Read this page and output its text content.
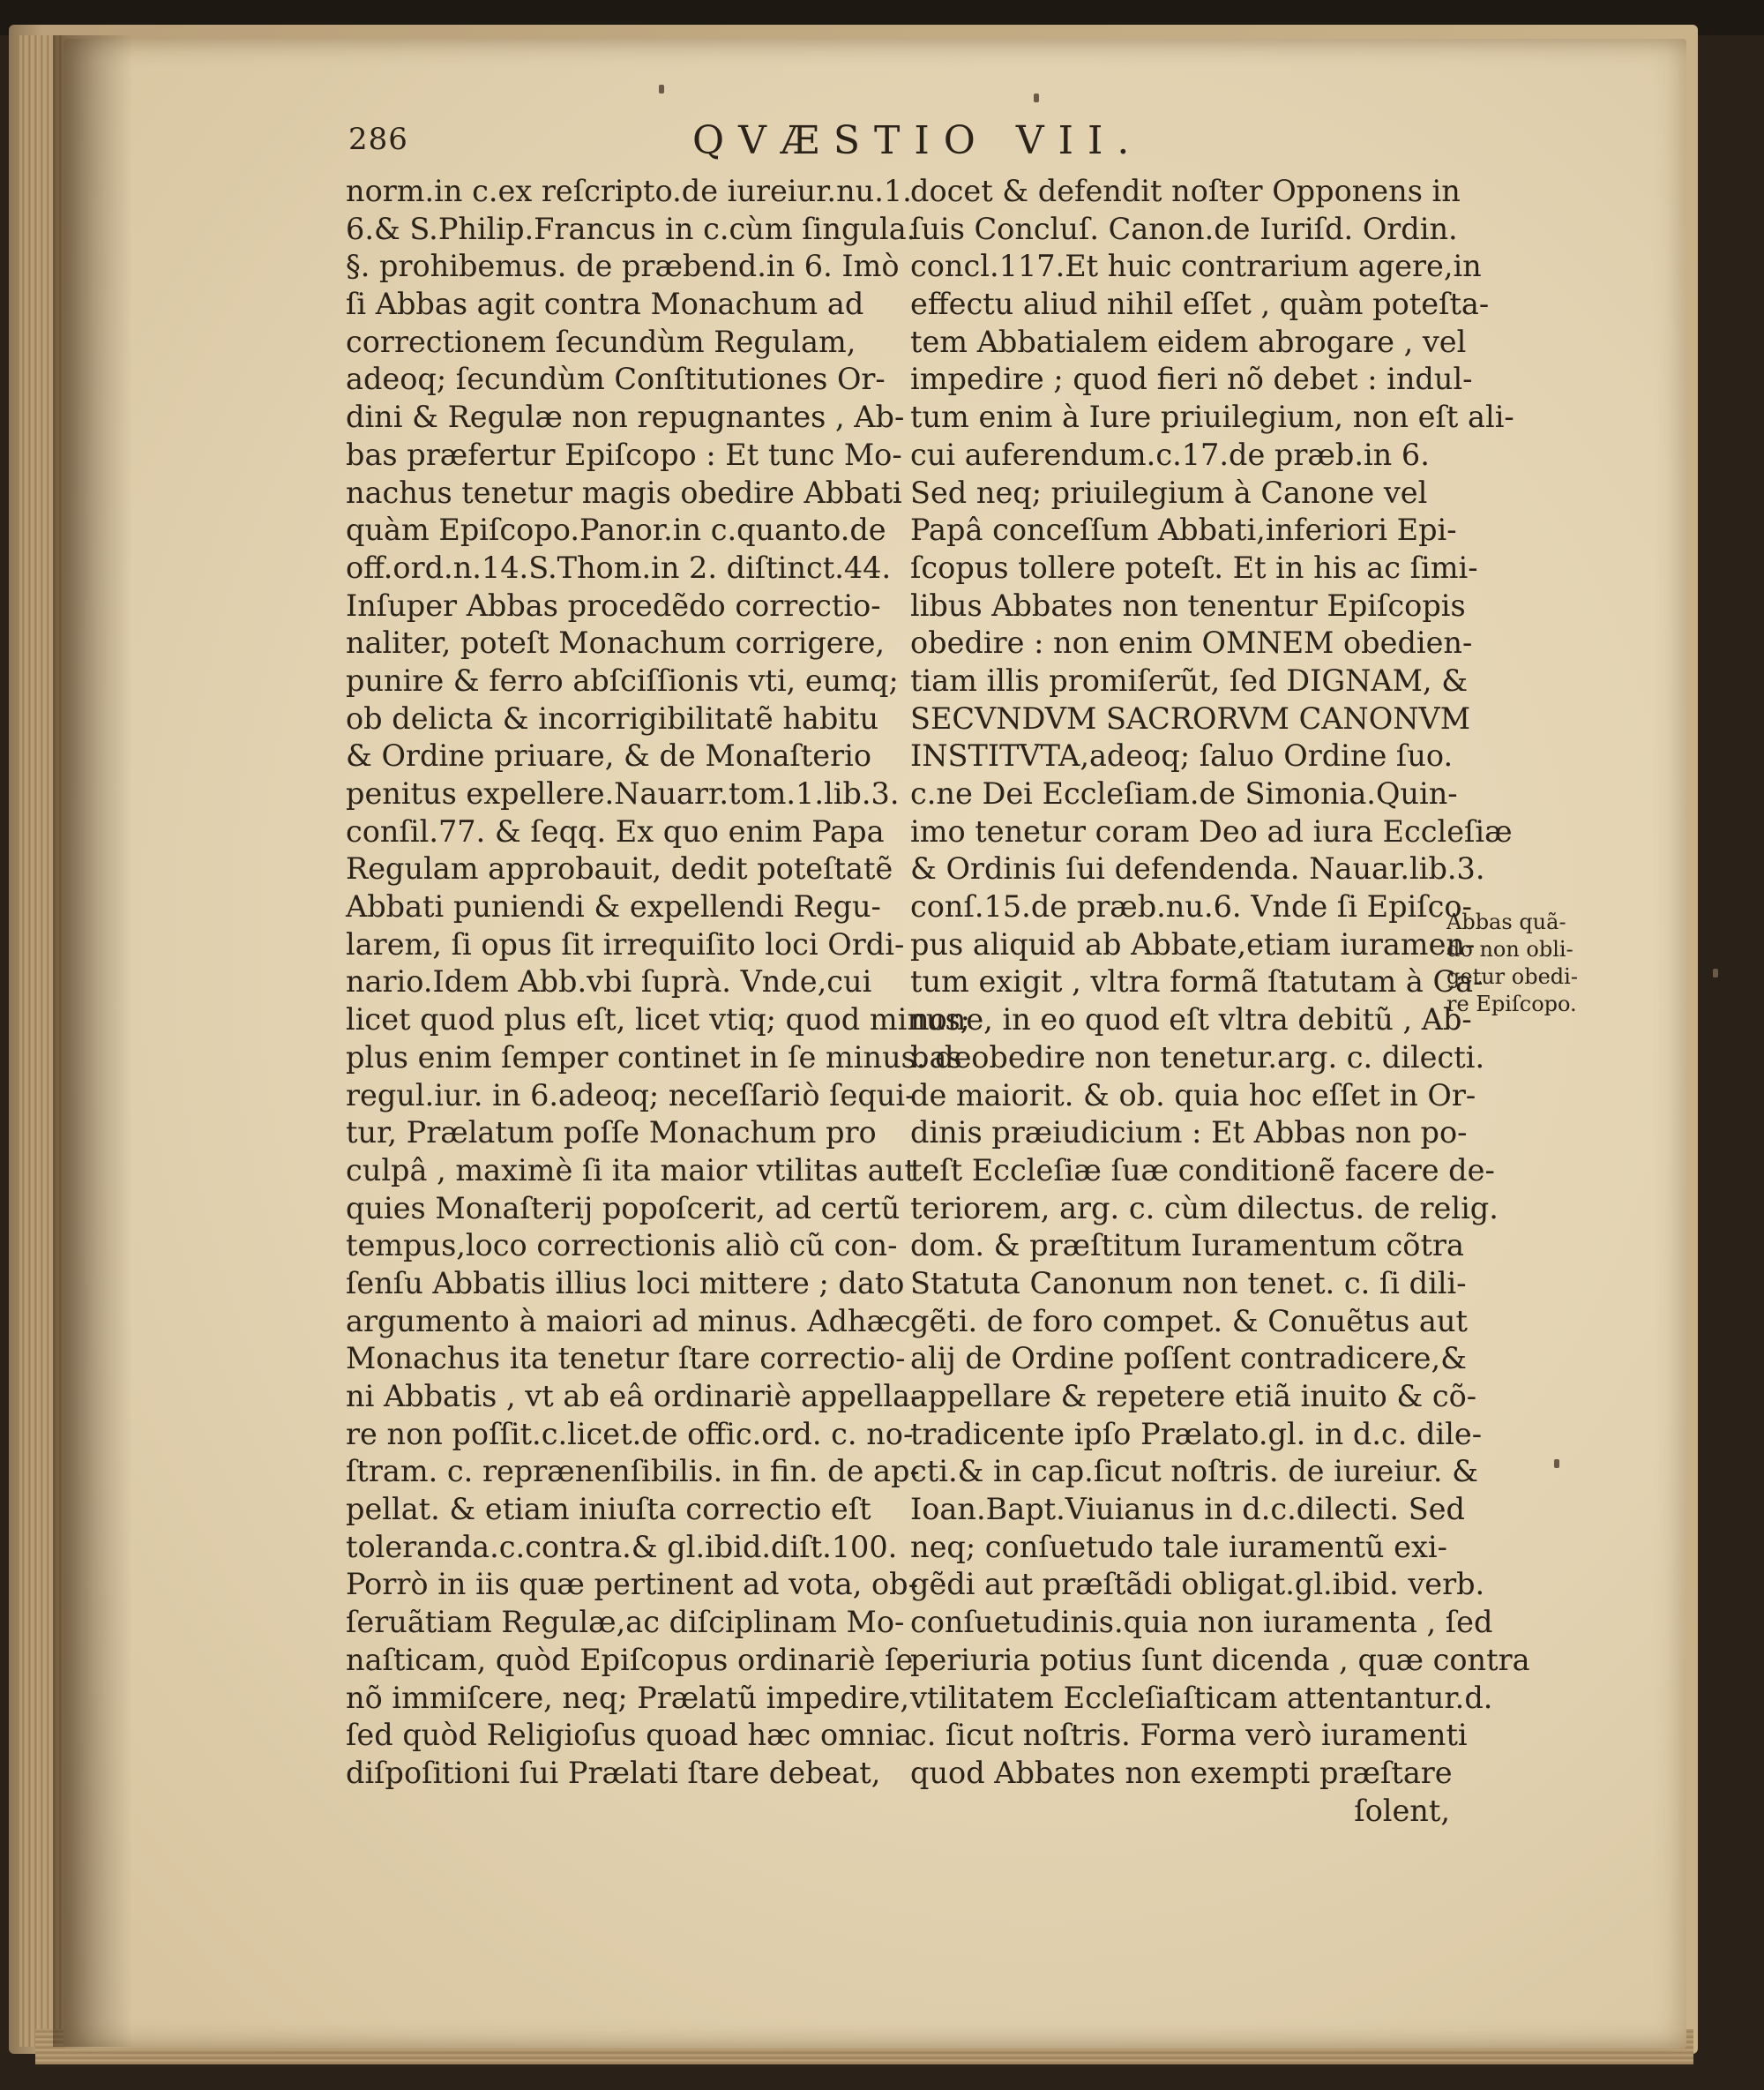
286	QVÆSTIO VII.
norm.in c.ex reſcripto.de iureiur.nu.1.
6.& S.Philip.Francus in c.cùm ſingula.
§. prohibemus. de præbend.in 6. Imò
ſi Abbas agit contra Monachum ad
correctionem ſecundùm Regulam,
adeoq; ſecundùm Conſtitutiones Or-
dini & Regulæ non repugnantes , Ab-
bas præfertur Epiſcopo : Et tunc Mo-
nachus tenetur magis obedire Abbati
quàm Epiſcopo.Panor.in c.quanto.de
off.ord.n.14.S.Thom.in 2. diſtinct.44.
Inſuper Abbas procedẽdo correctio-
naliter, poteſt Monachum corrigere,
punire & ferro abſciſſionis vti, eumq;
ob delicta & incorrigibilitatẽ habitu
& Ordine priuare, & de Monaſterio
penitus expellere.Nauarr.tom.1.lib.3.
conſil.77. & ſeqq. Ex quo enim Papa
Regulam approbauit, dedit poteſtatẽ
Abbati puniendi & expellendi Regu-
larem, ſi opus ſit irrequiſito loci Ordi-
nario.Idem Abb.vbi ſuprà. Vnde,cui
licet quod plus eſt, licet vtiq; quod minus;
plus enim ſemper continet in ſe minus. de
regul.iur. in 6.adeoq; neceſſariò ſequi-
tur, Prælatum poſſe Monachum pro
culpâ , maximè ſi ita maior vtilitas aut
quies Monaſterij popoſcerit, ad certũ
tempus,loco correctionis aliò cũ con-
ſenſu Abbatis illius loci mittere ; dato
argumento à maiori ad minus. Adhæc
Monachus ita tenetur ſtare correctio-
ni Abbatis , vt ab eâ ordinariè appella-
re non poſſit.c.licet.de offic.ord. c. no-
ſtram. c. reprænenſibilis. in fin. de ap-
pellat. & etiam iniuſta correctio eſt
toleranda.c.contra.& gl.ibid.diſt.100.
Porrò in iis quæ pertinent ad vota, ob-
ſeruãtiam Regulæ,ac diſciplinam Mo-
naſticam, quòd Epiſcopus ordinariè ſe
nõ immiſcere, neq; Prælatũ impedire,
ſed quòd Religioſus quoad hæc omnia
diſpoſitioni ſui Prælati ſtare debeat,
docet & defendit noſter Opponens in
ſuis Concluſ. Canon.de Iuriſd. Ordin.
concl.117.Et huic contrarium agere,in
effectu aliud nihil eſſet , quàm poteſta-
tem Abbatialem eidem abrogare , vel
impedire ; quod fieri nõ debet : indul-
tum enim à Iure priuilegium, non eſt ali-
cui auferendum.c.17.de præb.in 6.
Sed neq; priuilegium à Canone vel
Papâ conceſſum Abbati,inferiori Epi-
ſcopus tollere poteſt. Et in his ac ſimi-
libus Abbates non tenentur Epiſcopis
obedire : non enim OMNEM obedien-
tiam illis promiſerũt, ſed DIGNAM, &
SECVNDVM SACRORVM CANONVM
INSTITVTA,adeoq; ſaluo Ordine ſuo.
c.ne Dei Eccleſiam.de Simonia.Quin-
imo tenetur coram Deo ad iura Eccleſiæ
& Ordinis ſui defendenda. Nauar.lib.3.
conſ.15.de præb.nu.6. Vnde ſi Epiſco-
pus aliquid ab Abbate,etiam iuramen-
tum exigit , vltra formã ſtatutam à Ca-
none, in eo quod eſt vltra debitũ , Ab-
bas obedire non tenetur.arg. c. dilecti.
de maiorit. & ob. quia hoc eſſet in Or-
dinis præiudicium : Et Abbas non po-
teſt Eccleſiæ ſuæ conditionẽ facere de-
teriorem, arg. c. cùm dilectus. de relig.
dom. & præſtitum Iuramentum cõtra
Statuta Canonum non tenet. c. ſi dili-
gẽti. de foro compet. & Conuẽtus aut
alij de Ordine poſſent contradicere,&
appellare & repetere etiã inuito & cõ-
tradicente ipſo Prælato.gl. in d.c. dile-
cti.& in cap.ſicut noſtris. de iureiur. &
Ioan.Bapt.Viuianus in d.c.dilecti. Sed
neq; conſuetudo tale iuramentũ exi-
gẽdi aut præſtãdi obligat.gl.ibid. verb.
conſuetudinis.quia non iuramenta , ſed
periuria potius ſunt dicenda , quæ contra
vtilitatem Eccleſiaſticam attentantur.d.
c. ſicut noſtris. Forma verò iuramenti
quod Abbates non exempti præſtare
ſolent,
Abbas quã-
do non obli-
getur obedi-
re Epiſcopo.
